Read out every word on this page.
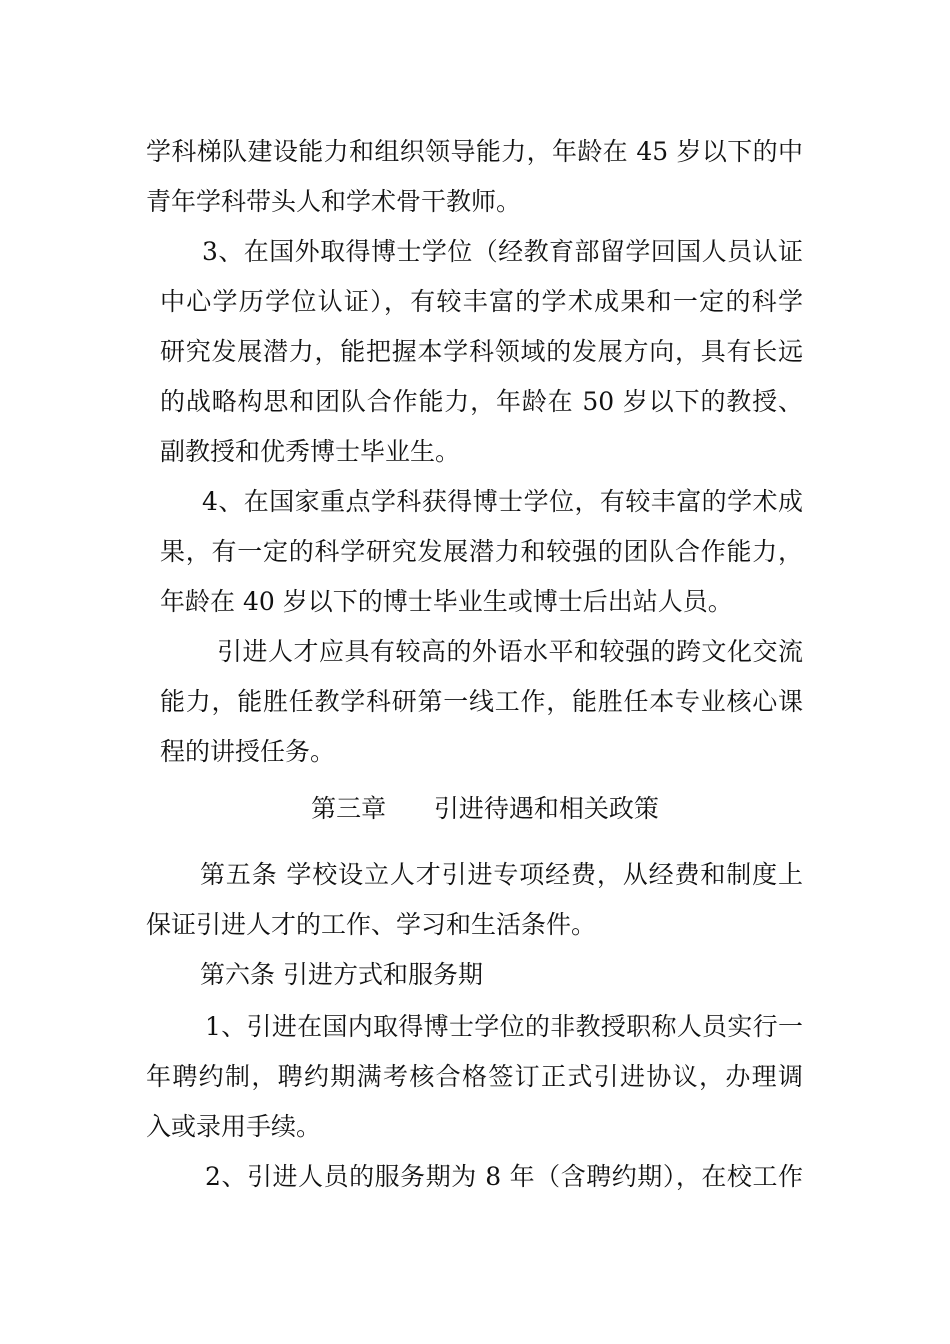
学科梯队建设能力和组织领导能力，年龄在 45 岁以下的中
青年学科带头人和学术骨干教师。
3、在国外取得博士学位（经教育部留学回国人员认证
中心学历学位认证），有较丰富的学术成果和一定的科学
研究发展潜力，能把握本学科领域的发展方向，具有长远
的战略构思和团队合作能力，年龄在 50 岁以下的教授、
副教授和优秀博士毕业生。
4、在国家重点学科获得博士学位，有较丰富的学术成
果，有一定的科学研究发展潜力和较强的团队合作能力，
年龄在 40 岁以下的博士毕业生或博士后出站人员。
引进人才应具有较高的外语水平和较强的跨文化交流
能力，能胜任教学科研第一线工作，能胜任本专业核心课
程的讲授任务。
第三章      引进待遇和相关政策
第五条 学校设立人才引进专项经费，从经费和制度上
保证引进人才的工作、学习和生活条件。
第六条 引进方式和服务期
1、引进在国内取得博士学位的非教授职称人员实行一
年聘约制，聘约期满考核合格签订正式引进协议，办理调
入或录用手续。
2、引进人员的服务期为 8 年（含聘约期），在校工作
